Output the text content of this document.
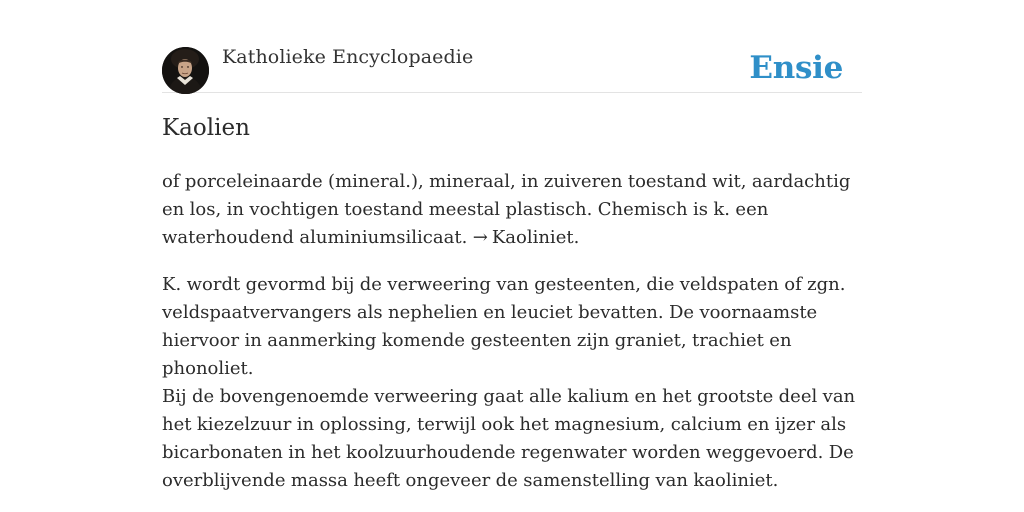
Katholieke Encyclopaedie	Ensie
Kaolien

of porceleinaarde (mineral.), mineraal, in zuiveren toestand wit, aardachtig en los, in vochtigen toestand meestal plastisch. Chemisch is k. een waterhoudend aluminiumsilicaat. → Kaoliniet.

K. wordt gevormd bij de verweering van gesteenten, die veldspaten of zgn. veldspaatvervangers als nephelien en leuciet bevatten. De voornaamste hiervoor in aanmerking komende gesteenten zijn graniet, trachiet en phonoliet.

Bij de bovengenoemde verweering gaat alle kalium en het grootste deel van het kiezelzuur in oplossing, terwijl ook het magnesium, calcium en ijzer als bicarbonaten in het koolzuurhoudende regenwater worden weggevoerd. De overblijvende massa heeft ongeveer de samenstelling van kaoliniet.
